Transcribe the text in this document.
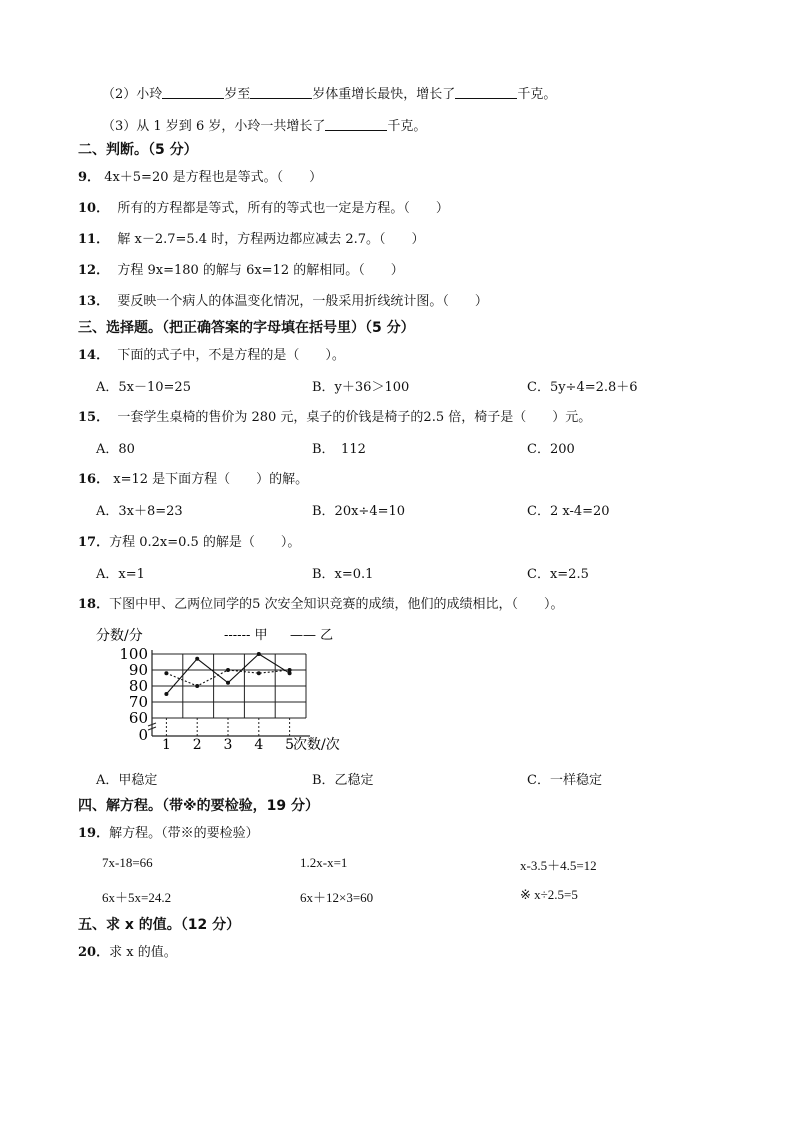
（2）小玲	岁至	岁体重增长最快，增长了	千克。
（3）从 1 岁到 6 岁，小玲一共增长了	千克。
二、判断。（5 分）
9． 4x＋5=20 是方程也是等式。（　　）
10． 所有的方程都是等式，所有的等式也一定是方程。（　　）
11． 解 x－2.7=5.4 时，方程两边都应减去 2.7。（　　）
12． 方程 9x=180 的解与 6x=12 的解相同。（　　）
13． 要反映一个病人的体温变化情况，一般采用折线统计图。（　　）
三、选择题。（把正确答案的字母填在括号里）（5 分）
14． 下面的式子中，不是方程的是（　　）。
A．5x－10=25	B．y＋36＞100	C．5y÷4=2.8＋6
15． 一套学生桌椅的售价为 280 元，桌子的价钱是椅子的2.5 倍，椅子是（　　）元。
A．80	B．　112	C．200
16． x=12 是下面方程（　　）的解。
A．3x＋8=23	B．20x÷4=10	C．2 x-4=20
17．方程 0.2x=0.5 的解是（　　）。
A．x=1	B．x=0.1	C．x=2.5
18．下图中甲、乙两位同学的5 次安全知识竞赛的成绩，他们的成绩相比，（　　）。
分数/分	------ 甲 —— 乙
次数/次
0
60
70
80
90
100
1 2 3 4 5
A．甲稳定	B．乙稳定	C．一样稳定
四、解方程。（带※的要检验，19 分）
19．解方程。（带※的要检验）
7x-18=66	1.2x-x=1	x-3.5＋4.5=12
6x＋5x=24.2	6x＋12×3=60	※ x÷2.5=5
五、求 x 的值。（12 分）
20．求 x 的值。
